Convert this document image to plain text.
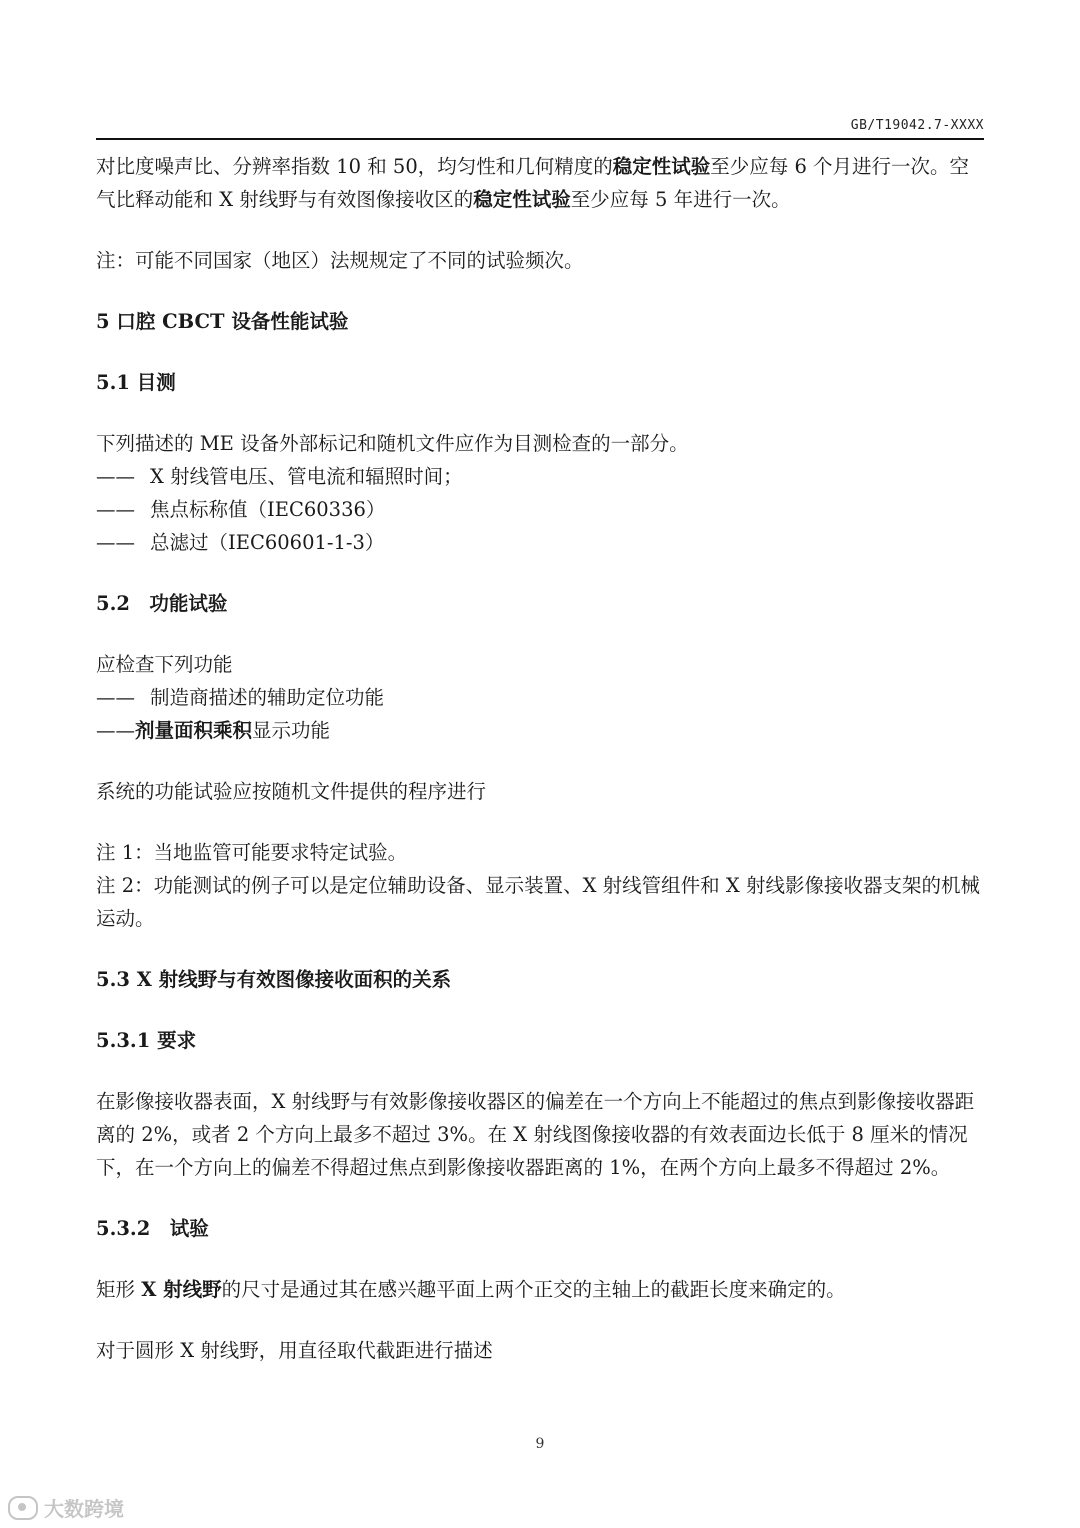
GB/T19042.7-XXXX

对比度噪声比、分辨率指数 10 和 50，均匀性和几何精度的稳定性试验至少应每 6 个月进行一次。空气比释动能和 X 射线野与有效图像接收区的稳定性试验至少应每 5 年进行一次。

注：可能不同国家（地区）法规规定了不同的试验频次。

5 口腔 CBCT 设备性能试验

5.1 目测

下列描述的 ME 设备外部标记和随机文件应作为目测检查的一部分。

—— X 射线管电压、管电流和辐照时间；

—— 焦点标称值（IEC60336）

—— 总滤过（IEC60601-1-3）

5.2　功能试验

应检查下列功能

—— 制造商描述的辅助定位功能

——剂量面积乘积显示功能

系统的功能试验应按随机文件提供的程序进行

注 1：当地监管可能要求特定试验。

注 2：功能测试的例子可以是定位辅助设备、显示装置、X 射线管组件和 X 射线影像接收器支架的机械运动。

5.3 X 射线野与有效图像接收面积的关系

5.3.1 要求

在影像接收器表面，X 射线野与有效影像接收器区的偏差在一个方向上不能超过的焦点到影像接收器距离的 2%，或者 2 个方向上最多不超过 3%。在 X 射线图像接收器的有效表面边长低于 8 厘米的情况下，在一个方向上的偏差不得超过焦点到影像接收器距离的 1%，在两个方向上最多不得超过 2%。

5.3.2　试验

矩形 X 射线野的尺寸是通过其在感兴趣平面上两个正交的主轴上的截距长度来确定的。

对于圆形 X 射线野，用直径取代截距进行描述

9
大数跨境
